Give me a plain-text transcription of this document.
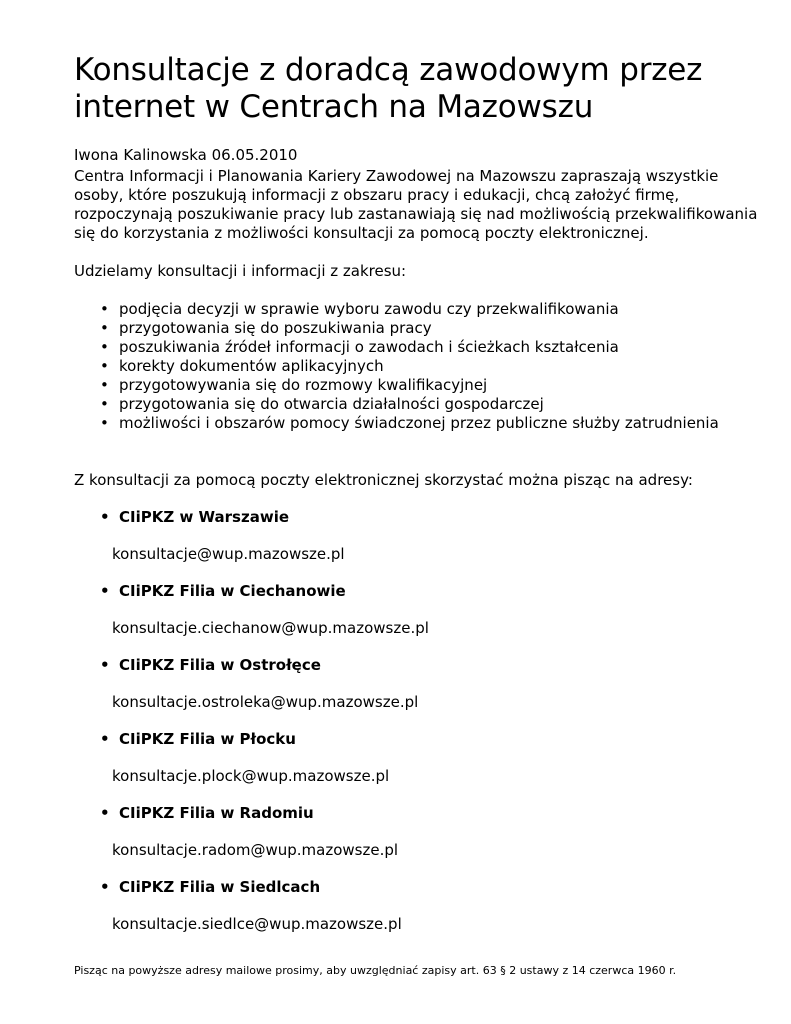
Konsultacje z doradcą zawodowym przez internet w Centrach na Mazowszu

Iwona Kalinowska 06.05.2010

Centra Informacji i Planowania Kariery Zawodowej na Mazowszu zapraszają wszystkie osoby, które poszukują informacji z obszaru pracy i edukacji, chcą założyć firmę, rozpoczynają poszukiwanie pracy lub zastanawiają się nad możliwością przekwalifikowania się do korzystania z możliwości konsultacji za pomocą poczty elektronicznej.

Udzielamy konsultacji i informacji z zakresu:

• podjęcia decyzji w sprawie wyboru zawodu czy przekwalifikowania
• przygotowania się do poszukiwania pracy
• poszukiwania źródeł informacji o zawodach i ścieżkach kształcenia
• korekty dokumentów aplikacyjnych
• przygotowywania się do rozmowy kwalifikacyjnej
• przygotowania się do otwarcia działalności gospodarczej
• możliwości i obszarów pomocy świadczonej przez publiczne służby zatrudnienia

Z konsultacji za pomocą poczty elektronicznej skorzystać można pisząc na adresy:

• CIiPKZ w Warszawie
konsultacje@wup.mazowsze.pl
• CIiPKZ Filia w Ciechanowie
konsultacje.ciechanow@wup.mazowsze.pl
• CIiPKZ Filia w Ostrołęce
konsultacje.ostroleka@wup.mazowsze.pl
• CIiPKZ Filia w Płocku
konsultacje.plock@wup.mazowsze.pl
• CIiPKZ Filia w Radomiu
konsultacje.radom@wup.mazowsze.pl
• CIiPKZ Filia w Siedlcach
konsultacje.siedlce@wup.mazowsze.pl
Pisząc na powyższe adresy mailowe prosimy, aby uwzględniać zapisy art. 63 § 2 ustawy z 14 czerwca 1960 r.
